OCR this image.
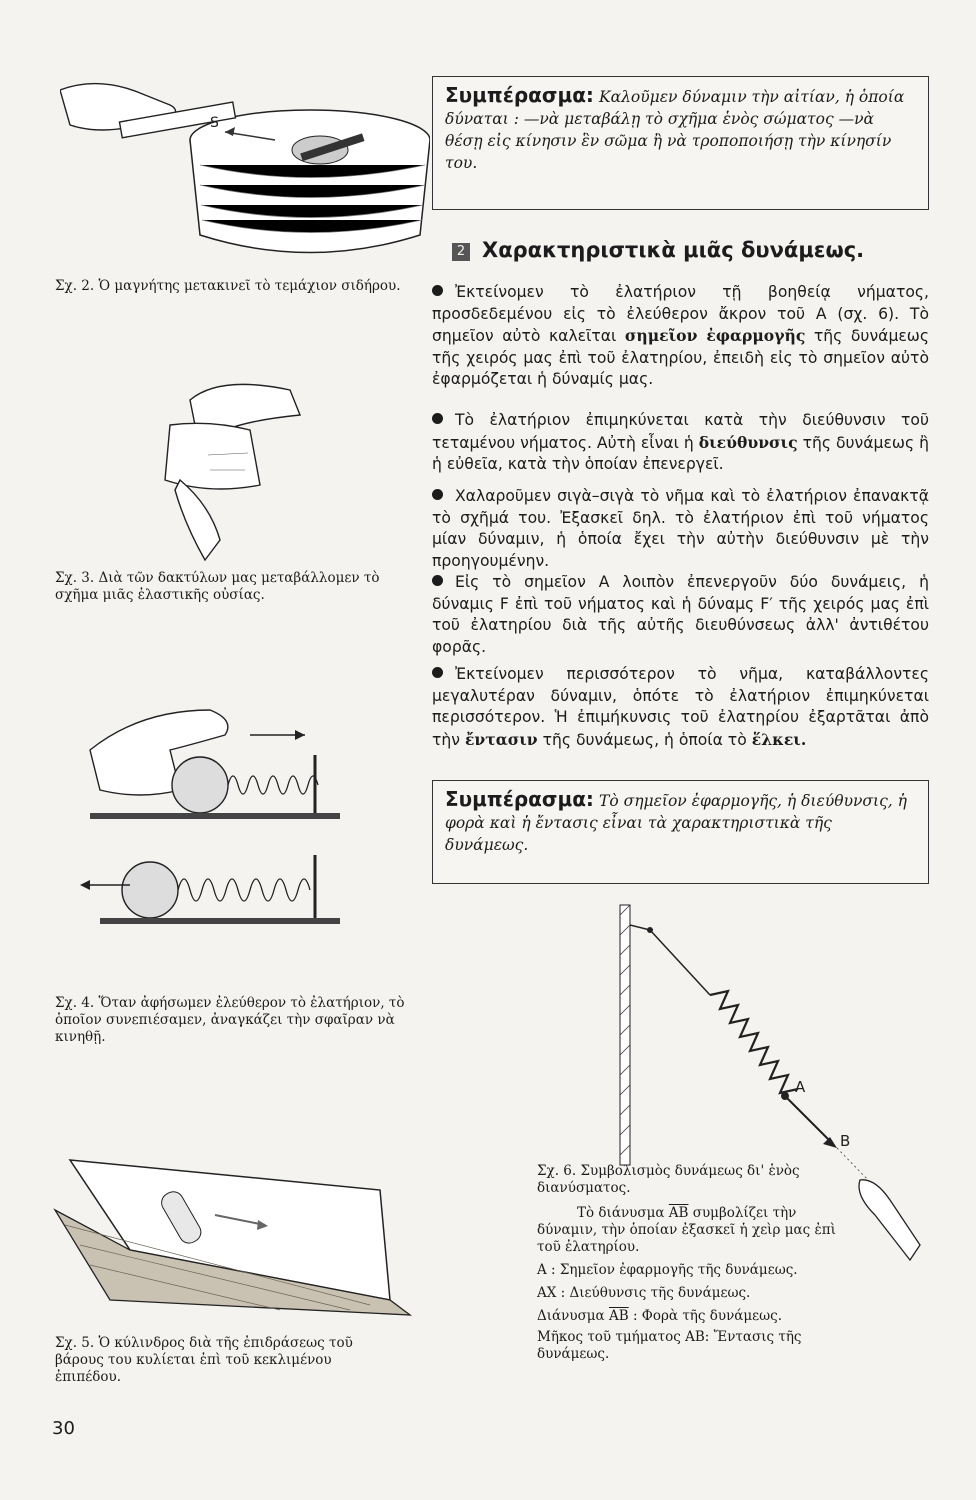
S
Σχ. 2. Ὁ μαγνήτης μετακινεῖ τὸ τεμάχιον σιδήρου.
Σχ. 3. Διὰ τῶν δακτύλων μας μεταβάλλομεν τὸ σχῆμα μιᾶς ἐλαστικῆς οὐσίας.
Σχ. 4. Ὅταν ἀφήσωμεν ἐλεύθερον τὸ ἐλατήριον, τὸ ὁποῖον συνεπιέσαμεν, ἀναγκάζει τὴν σφαῖραν νὰ κινηθῇ.
Σχ. 5. Ὁ κύλινδρος διὰ τῆς ἐπιδράσεως τοῦ βάρους του κυλίεται ἐπὶ τοῦ κεκλιμένου ἐπιπέδου.
30
Συμπέρασμα: Καλοῦμεν δύναμιν τὴν αἰτίαν, ἡ ὁποία δύναται : —νὰ μεταβάλῃ τὸ σχῆμα ἑνὸς σώματος —νὰ θέσῃ εἰς κίνησιν ἓν σῶμα ἢ νὰ τροποποιήσῃ τὴν κίνησίν του.
2 Χαρακτηριστικὰ μιᾶς δυνάμεως.
Ἐκτείνομεν τὸ ἐλατήριον τῇ βοηθείᾳ νήματος, προσδεδεμένου εἰς τὸ ἐλεύθερον ἄκρον τοῦ Α (σχ. 6). Τὸ σημεῖον αὐτὸ καλεῖται σημεῖον ἐφαρμογῆς τῆς δυνάμεως τῆς χειρός μας ἐπὶ τοῦ ἐλατηρίου, ἐπειδὴ εἰς τὸ σημεῖον αὐτὸ ἐφαρμόζεται ἡ δύναμίς μας.
Τὸ ἐλατήριον ἐπιμηκύνεται κατὰ τὴν διεύθυνσιν τοῦ τεταμένου νήματος. Αὐτὴ εἶναι ἡ διεύθυνσις τῆς δυνάμεως ἢ ἡ εὐθεῖα, κατὰ τὴν ὁποίαν ἐπενεργεῖ.
Χαλαροῦμεν σιγὰ–σιγὰ τὸ νῆμα καὶ τὸ ἐλατήριον ἐπανακτᾷ τὸ σχῆμά του. Ἐξασκεῖ δηλ. τὸ ἐλατήριον ἐπὶ τοῦ νήματος μίαν δύναμιν, ἡ ὁποία ἔχει τὴν αὐτὴν διεύθυνσιν μὲ τὴν προηγουμένην.
Εἰς τὸ σημεῖον Α λοιπὸν ἐπενεργοῦν δύο δυνάμεις, ἡ δύναμις F ἐπὶ τοῦ νήματος καὶ ἡ δύναμς F′ τῆς χειρός μας ἐπὶ τοῦ ἐλατηρίου διὰ τῆς αὐτῆς διευθύνσεως ἀλλ' ἀντιθέτου φορᾶς.
Ἐκτείνομεν περισσότερον τὸ νῆμα, καταβάλλοντες μεγαλυτέραν δύναμιν, ὁπότε τὸ ἐλατήριον ἐπιμηκύνεται περισσότερον. Ἡ ἐπιμήκυνσις τοῦ ἐλατηρίου ἐξαρτᾶται ἀπὸ τὴν ἔντασιν τῆς δυνάμεως, ἡ ὁποία τὸ ἕλκει.
Συμπέρασμα: Τὸ σημεῖον ἐφαρμογῆς, ἡ διεύθυνσις, ἡ φορὰ καὶ ἡ ἔντασις εἶναι τὰ χαρακτηριστικὰ τῆς δυνάμεως.
Α
Β
Σχ. 6. Συμβολισμὸς δυνάμεως δι' ἑνὸς διανύσματος.
Τὸ διάνυσμα $\overline{AB}$ συμβολίζει τὴν δύναμιν, τὴν ὁποίαν ἐξασκεῖ ἡ χεὶρ μας ἐπὶ τοῦ ἐλατηρίου.
Α : Σημεῖον ἐφαρμογῆς τῆς δυνάμεως.
ΑΧ : Διεύθυνσις τῆς δυνάμεως.
Διάνυσμα $\overline{AB}$ : Φορὰ τῆς δυνάμεως.
Μῆκος τοῦ τμήματος ΑΒ: Ἔντασις τῆς δυνάμεως.
